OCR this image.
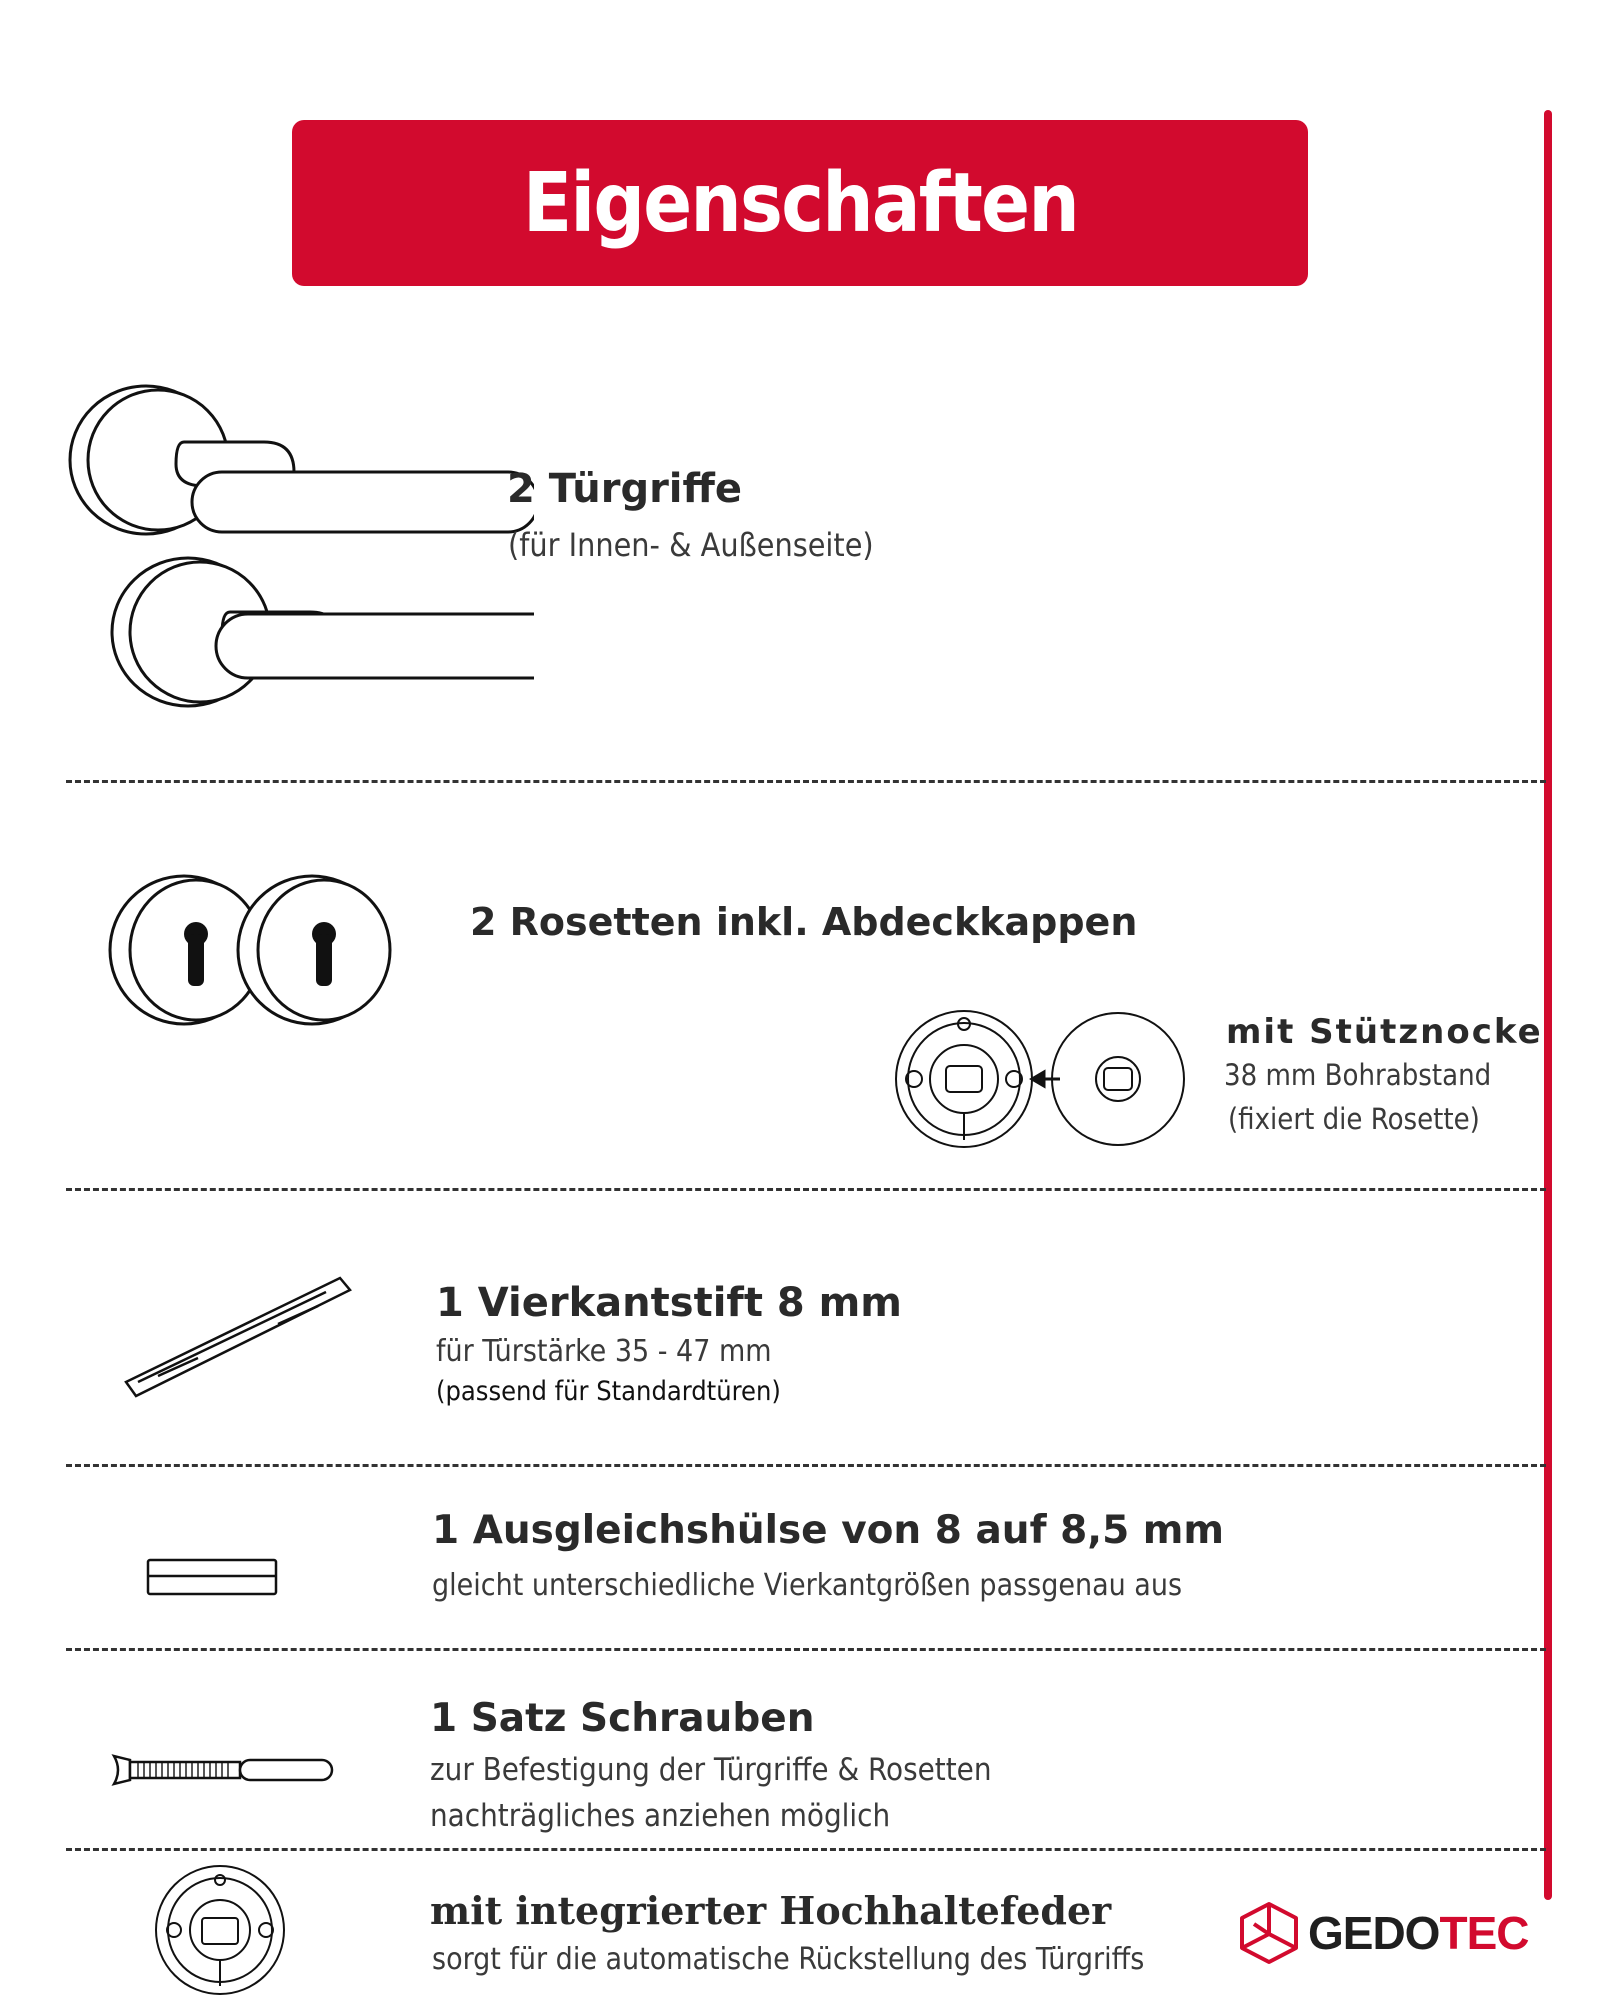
Eigenschaften
2 Türgriffe

(für Innen- & Außenseite)

2 Rosetten inkl. Abdeckkappen
mit Stütznocke

38 mm Bohrabstand

(fixiert die Rosette)

1 Vierkantstift 8 mm

für Türstärke 35 - 47 mm

(passend für Standardtüren)

1 Ausgleichshülse von 8 auf 8,5 mm

gleicht unterschiedliche Vierkantgrößen passgenau aus

1 Satz Schrauben

zur Befestigung der Türgriffe & Rosetten

nachträgliches anziehen möglich

mit integrierter Hochhaltefeder

sorgt für die automatische Rückstellung des Türgriffs

GEDOTEC
